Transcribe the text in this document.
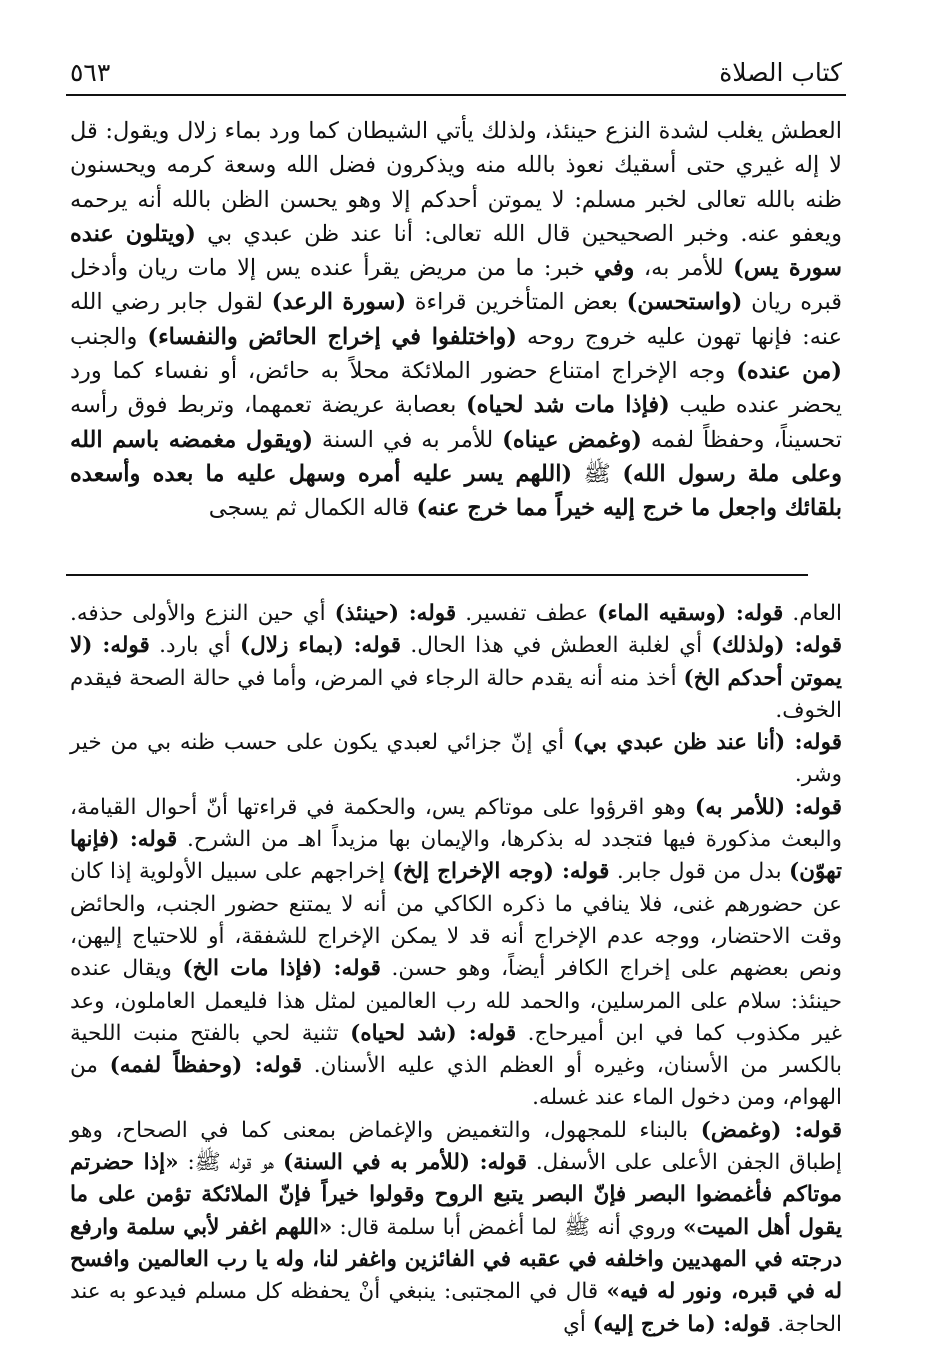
٥٦٣	كتاب الصلاة
العطش يغلب لشدة النزع حينئذ، ولذلك يأتي الشيطان كما ورد بماء زلال ويقول: قل لا إله غيري حتى أسقيك نعوذ بالله منه ويذكرون فضل الله وسعة كرمه ويحسنون ظنه بالله تعالى لخبر مسلم: لا يموتن أحدكم إلا وهو يحسن الظن بالله أنه يرحمه ويعفو عنه. وخبر الصحيحين قال الله تعالى: أنا عند ظن عبدي بي (ويتلون عنده سورة يس) للأمر به، وفي خبر: ما من مريض يقرأ عنده يس إلا مات ريان وأدخل قبره ريان (واستحسن) بعض المتأخرين قراءة (سورة الرعد) لقول جابر رضي الله عنه: فإنها تهون عليه خروج روحه (واختلفوا في إخراج الحائض والنفساء) والجنب (من عنده) وجه الإخراج امتناع حضور الملائكة محلاً به حائض، أو نفساء كما ورد يحضر عنده طيب (فإذا مات شد لحياه) بعصابة عريضة تعمهما، وتربط فوق رأسه تحسيناً، وحفظاً لفمه (وغمض عيناه) للأمر به في السنة (ويقول مغمضه باسم الله وعلى ملة رسول الله) ﷺ (اللهم يسر عليه أمره وسهل عليه ما بعده وأسعده بلقائك واجعل ما خرج إليه خيراً مما خرج عنه) قاله الكمال ثم يسجى
العام. قوله: (وسقيه الماء) عطف تفسير. قوله: (حينئذ) أي حين النزع والأولى حذفه. قوله: (ولذلك) أي لغلبة العطش في هذا الحال. قوله: (بماء زلال) أي بارد. قوله: (لا يموتن أحدكم الخ) أخذ منه أنه يقدم حالة الرجاء في المرض، وأما في حالة الصحة فيقدم الخوف.
قوله: (أنا عند ظن عبدي بي) أي إنّ جزائي لعبدي يكون على حسب ظنه بي من خير وشر.
قوله: (للأمر به) وهو اقرؤوا على موتاكم يس، والحكمة في قراءتها أنّ أحوال القيامة، والبعث مذكورة فيها فتجدد له بذكرها، والإيمان بها مزيداً اهـ من الشرح. قوله: (فإنها تهوّن) بدل من قول جابر. قوله: (وجه الإخراج إلخ) إخراجهم على سبيل الأولوية إذا كان عن حضورهم غنى، فلا ينافي ما ذكره الكاكي من أنه لا يمتنع حضور الجنب، والحائض وقت الاحتضار، ووجه عدم الإخراج أنه قد لا يمكن الإخراج للشفقة، أو للاحتياج إليهن، ونص بعضهم على إخراج الكافر أيضاً، وهو حسن. قوله: (فإذا مات الخ) ويقال عنده حينئذ: سلام على المرسلين، والحمد لله رب العالمين لمثل هذا فليعمل العاملون، وعد غير مكذوب كما في ابن أميرحاج. قوله: (شد لحياه) تثنية لحي بالفتح منبت اللحية بالكسر من الأسنان، وغيره أو العظم الذي عليه الأسنان. قوله: (وحفظاً لفمه) من الهوام، ومن دخول الماء عند غسله.
قوله: (وغمض) بالبناء للمجهول، والتغميض والإغماض بمعنى كما في الصحاح، وهو إطباق الجفن الأعلى على الأسفل. قوله: (للأمر به في السنة) هو قوله ﷺ: «إذا حضرتم موتاكم فأغمضوا البصر فإنّ البصر يتبع الروح وقولوا خيراً فإنّ الملائكة تؤمن على ما يقول أهل الميت» وروي أنه ﷺ لما أغمض أبا سلمة قال: «اللهم اغفر لأبي سلمة وارفع درجته في المهديين واخلفه في عقبه في الفائزين واغفر لنا، وله يا رب العالمين وافسح له في قبره، ونور له فيه» قال في المجتبى: ينبغي أنْ يحفظه كل مسلم فيدعو به عند الحاجة. قوله: (ما خرج إليه) أي
